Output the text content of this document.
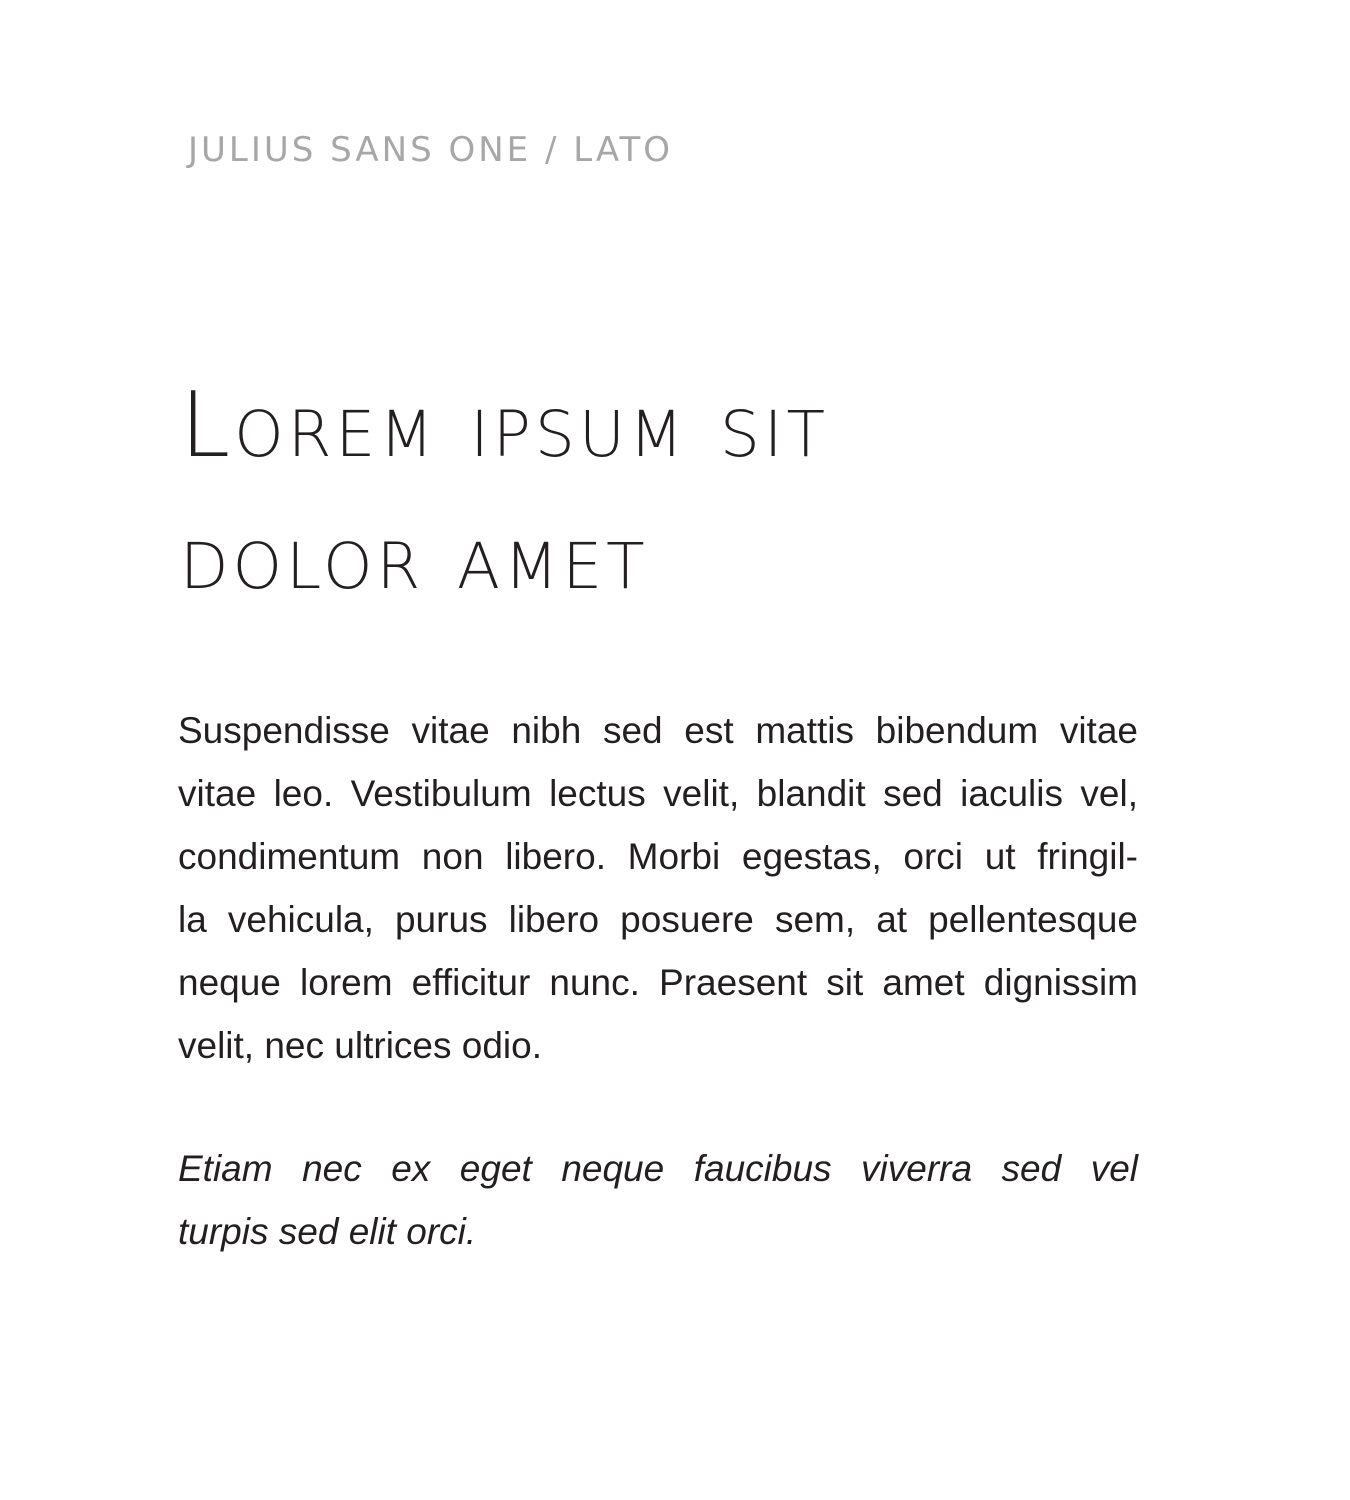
JULIUS SANS ONE / LATO

Lorem ipsum sit
dolor amet

Suspendisse vitae nibh sed est mattis bibendum vitae
vitae leo. Vestibulum lectus velit, blandit sed iaculis vel,
condimentum non libero. Morbi egestas, orci ut fringil-
la vehicula, purus libero posuere sem, at pellentesque
neque lorem efficitur nunc. Praesent sit amet dignissim
velit, nec ultrices odio.

Etiam nec ex eget neque faucibus viverra sed vel
turpis sed elit orci.
